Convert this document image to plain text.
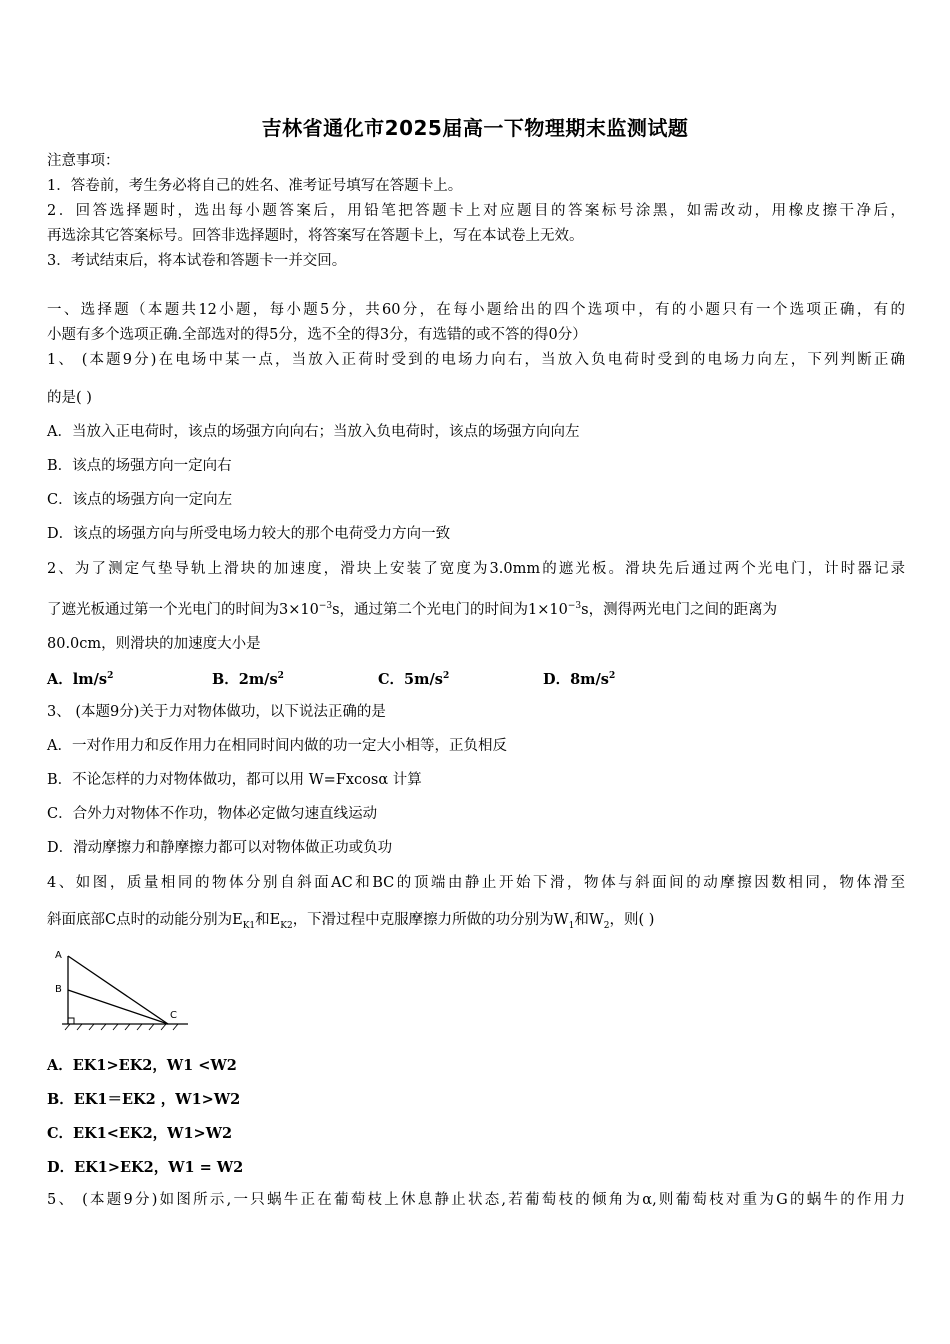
吉林省通化市2025届高一下物理期末监测试题
注意事项：
1．答卷前，考生务必将自己的姓名、准考证号填写在答题卡上。
2．回答选择题时，选出每小题答案后，用铅笔把答题卡上对应题目的答案标号涂黑，如需改动，用橡皮擦干净后，
再选涂其它答案标号。回答非选择题时，将答案写在答题卡上，写在本试卷上无效。
3．考试结束后，将本试卷和答题卡一并交回。
一、选择题（本题共12小题，每小题5分，共60分，在每小题给出的四个选项中，有的小题只有一个选项正确，有的
小题有多个选项正确.全部选对的得5分，选不全的得3分，有选错的或不答的得0分）
1、 (本题9分)在电场中某一点，当放入正荷时受到的电场力向右，当放入负电荷时受到的电场力向左，下列判断正确
的是( )
A．当放入正电荷时，该点的场强方向向右；当放入负电荷时，该点的场强方向向左
B．该点的场强方向一定向右
C．该点的场强方向一定向左
D．该点的场强方向与所受电场力较大的那个电荷受力方向一致
2、为了测定气垫导轨上滑块的加速度，滑块上安装了宽度为3.0mm的遮光板。滑块先后通过两个光电门，计时器记录
了遮光板通过第一个光电门的时间为$3\times 10^{-3}s$，通过第二个光电门的时间为$1\times 10^{-3}s$，测得两光电门之间的距离为
80.0cm，则滑块的加速度大小是
A．$lm/s^2$	B．$2m/s^2$	C．$5m/s^2$	D．$8m/s^2$
3、 (本题9分)关于力对物体做功，以下说法正确的是
A．一对作用力和反作用力在相同时间内做的功一定大小相等，正负相反
B．不论怎样的力对物体做功，都可以用 W=Fxcosα 计算
C．合外力对物体不作功，物体必定做匀速直线运动
D．滑动摩擦力和静摩擦力都可以对物体做正功或负功
4、如图，质量相同的物体分别自斜面AC和BC的顶端由静止开始下滑，物体与斜面间的动摩擦因数相同，物体滑至
斜面底部C点时的动能分别为$E_{K1}$和$E_{K2}$，下滑过程中克服摩擦力所做的功分别为$W_1$和$W_2$，则( )
A
B
C
A．EK1>EK2，W1 <W2
B．EK1＝EK2 ，W1>W2
C．EK1<EK2，W1>W2
D．EK1>EK2，W1 = W2
5、 (本题9分)如图所示,一只蜗牛正在葡萄枝上休息静止状态,若葡萄枝的倾角为α,则葡萄枝对重为G的蜗牛的作用力
